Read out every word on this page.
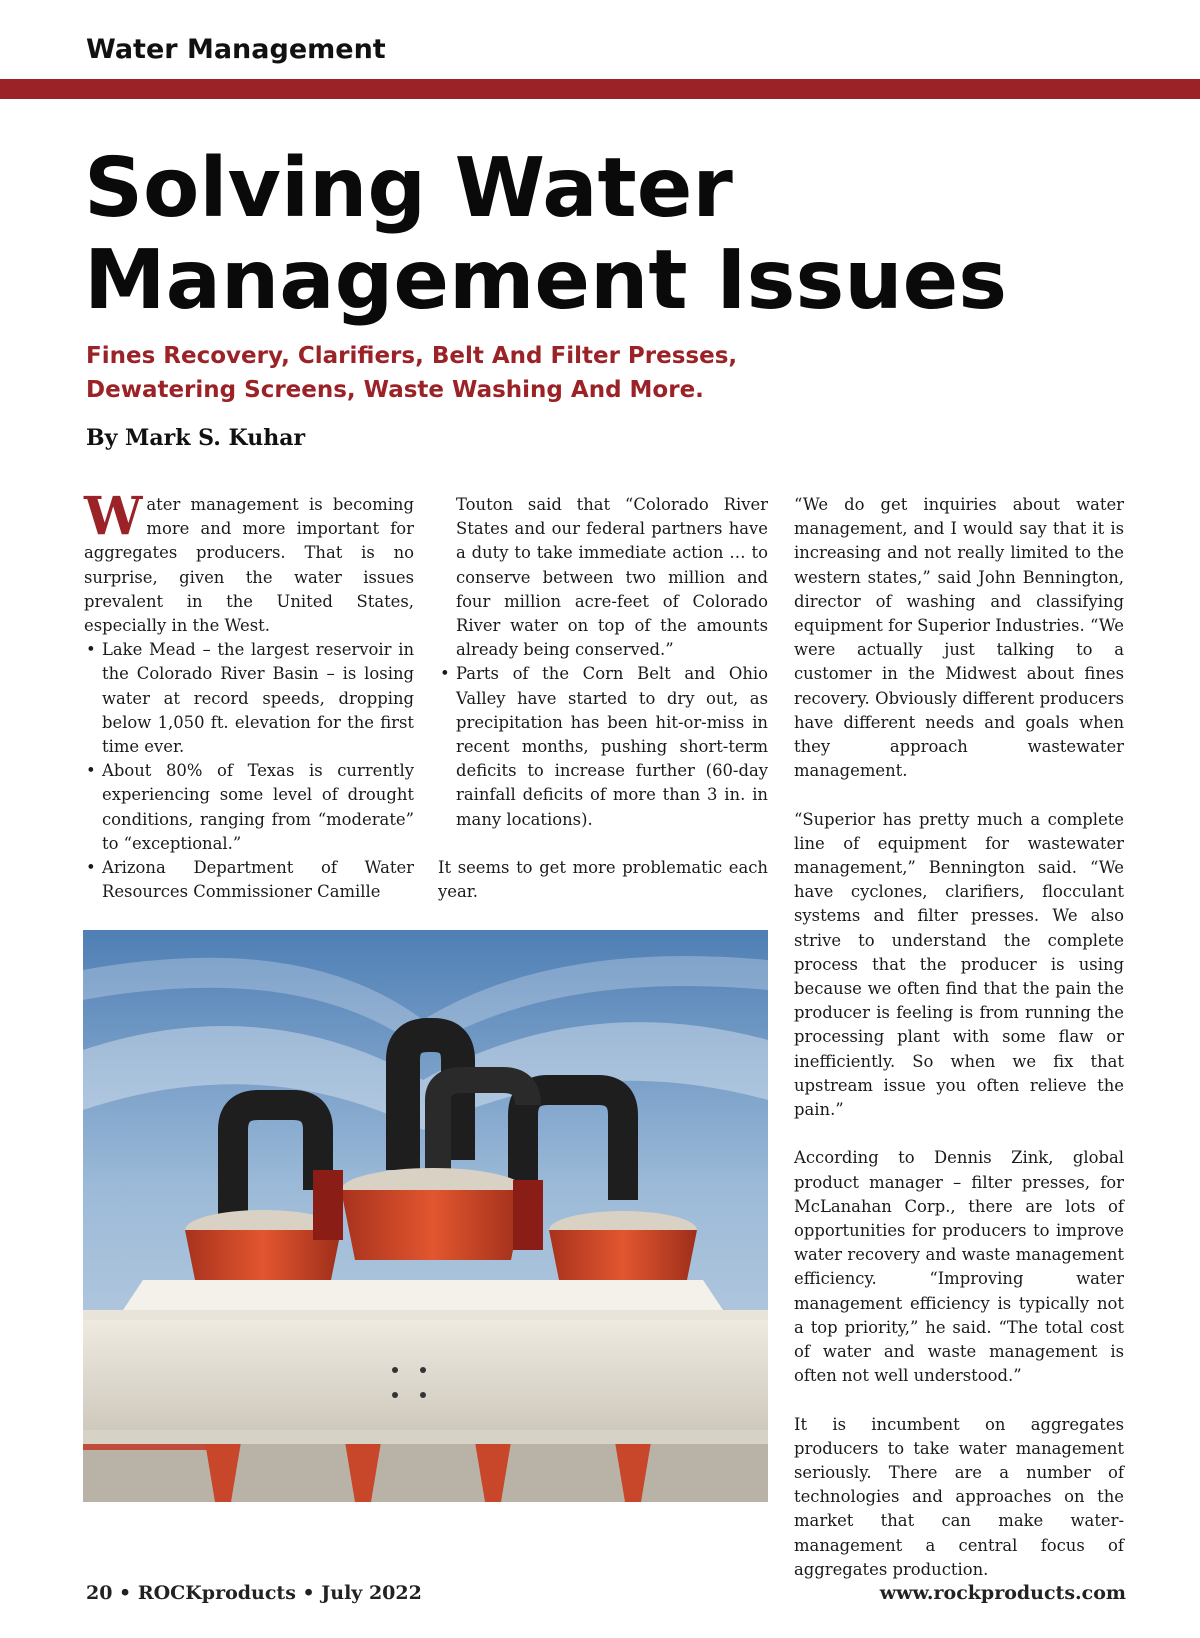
Water Management
Solving Water
Management Issues
Fines Recovery, Clarifiers, Belt And Filter Presses,
Dewatering Screens, Waste Washing And More.
By Mark S. Kuhar

Water management is becoming more and more important for aggregates producers. That is no surprise, given the water issues prevalent in the United States, especially in the West.

• Lake Mead – the largest reservoir in the Colorado River Basin – is losing water at record speeds, dropping below 1,050 ft. elevation for the first time ever.
• About 80% of Texas is currently experiencing some level of drought conditions, ranging from “moderate” to “exceptional.”
• Arizona Department of Water Resources Commissioner Camille
Touton said that “Colorado River States and our federal partners have a duty to take immediate action … to conserve between two million and four million acre-feet of Colorado River water on top of the amounts already being conserved.”
• Parts of the Corn Belt and Ohio Valley have started to dry out, as precipitation has been hit-or-miss in recent months, pushing short-term deficits to increase further (60-day rainfall deficits of more than 3 in. in many locations).

It seems to get more problematic each year.

“We do get inquiries about water management, and I would say that it is increasing and not really limited to the western states,” said John Bennington, director of washing and classifying equipment for Superior Industries. “We were actually just talking to a customer in the Midwest about fines recovery. Obviously different producers have different needs and goals when they approach wastewater management.

“Superior has pretty much a complete line of equipment for wastewater management,” Bennington said. “We have cyclones, clarifiers, flocculant systems and filter presses. We also strive to understand the complete process that the producer is using because we often find that the pain the producer is feeling is from running the processing plant with some flaw or inefficiently. So when we fix that upstream issue you often relieve the pain.”

According to Dennis Zink, global product manager – filter presses, for McLanahan Corp., there are lots of opportunities for producers to improve water recovery and waste management efficiency. “Improving water management efficiency is typically not a top priority,” he said. “The total cost of water and waste management is often not well understood.”

It is incumbent on aggregates producers to take water management seriously. There are a number of technologies and approaches on the market that can make water-management a central focus of aggregates production.

20 • ROCKproducts • July 2022	www.rockproducts.com
